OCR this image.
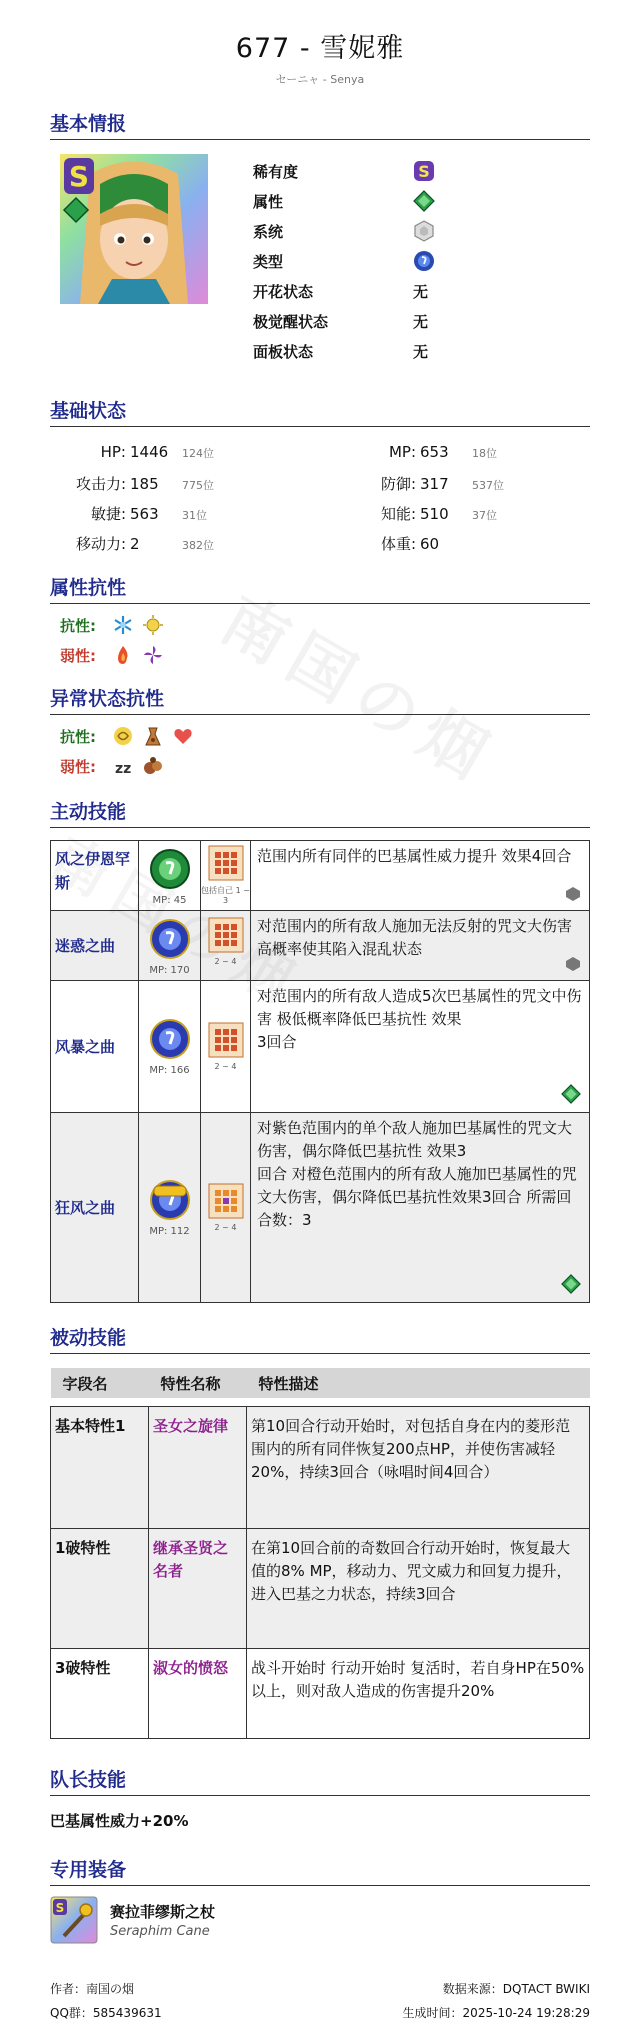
南国の烟
677 - 雪妮雅
セーニャ - Senya
基本情报
S	稀有度	S
属性
系统
类型
开花状态	无
极觉醒状态	无
面板状态	无
基础状态
HP: 1446	124位	MP: 653	18位
攻击力: 185	775位	防御: 317	537位
敏捷: 563	31位	知能: 510	37位
移动力: 2	382位	体重: 60
属性抗性
抗性:
弱性:
异常状态抗性
抗性:
弱性:	zz
主动技能
风之伊恩罕斯	MP: 45	包括自己 1 ~ 3	范围内所有同伴的巴基属性威力提升 效果4回合

迷惑之曲	MP: 170	2 ~ 4	对范围内的所有敌人施加无法反射的咒文大伤害 高概率使其陷入混乱状态

风暴之曲	MP: 166	2 ~ 4	对范围内的所有敌人造成5次巴基属性的咒文中伤害 极低概率降低巴基抗性 效果
3回合

狂风之曲	MP: 112	2 ~ 4	对紫色范围内的单个敌人施加巴基属性的咒文大伤害，偶尔降低巴基抗性 效果3
回合 对橙色范围内的所有敌人施加巴基属性的咒文大伤害，偶尔降低巴基抗性效果3回合 所需回合数：3
被动技能
字段名	特性名称	特性描述

基本特性1	圣女之旋律	第10回合行动开始时，对包括自身在内的菱形范围内的所有同伴恢复200点HP，并使伤害减轻20%，持续3回合（咏唱时间4回合）
1破特性	继承圣贤之名者	在第10回合前的奇数回合行动开始时，恢复最大值的8% MP，移动力、咒文威力和回复力提升，进入巴基之力状态，持续3回合
3破特性	淑女的愤怒	战斗开始时 行动开始时 复活时，若自身HP在50%以上，则对敌人造成的伤害提升20%
队长技能
巴基属性威力+20%
专用装备
S	赛拉菲缪斯之杖
Seraphim Cane
作者：南国の烟	数据来源：DQTACT BWIKI
QQ群：585439631	生成时间：2025-10-24 19:28:29
